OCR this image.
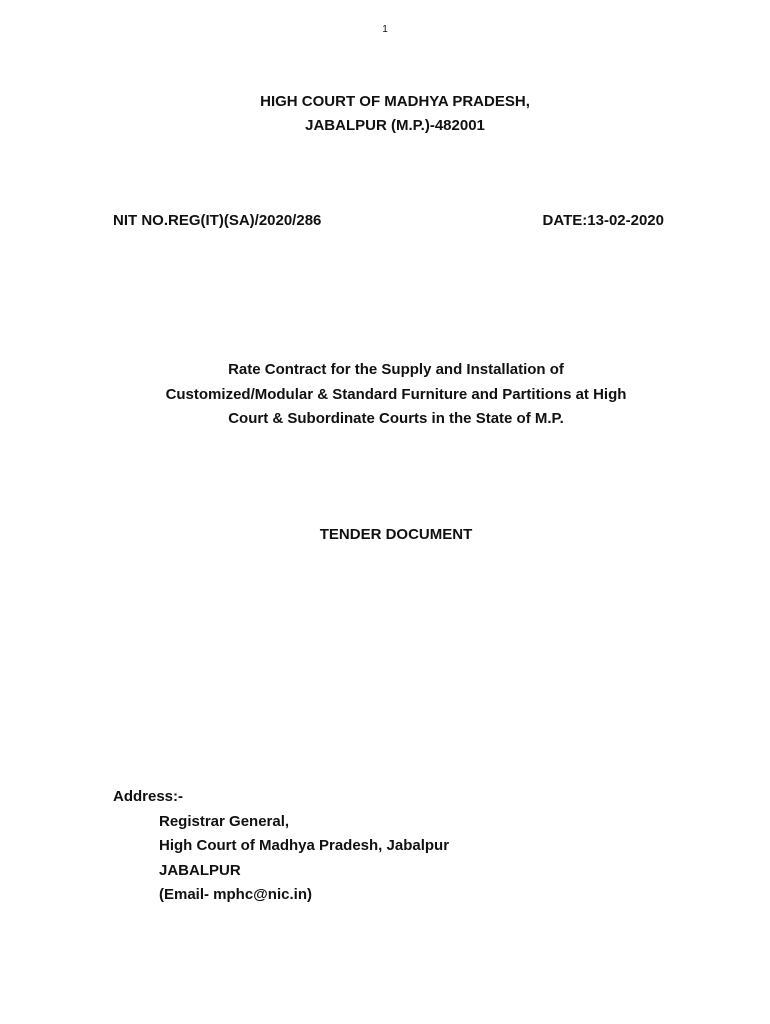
1
HIGH COURT OF MADHYA PRADESH,
JABALPUR (M.P.)-482001
NIT NO.REG(IT)(SA)/2020/286	DATE:13-02-2020
Rate Contract for the Supply and Installation of
Customized/Modular & Standard Furniture and Partitions at High
Court & Subordinate Courts in the State of M.P.
TENDER DOCUMENT
Address:-
Registrar General,
High Court of Madhya Pradesh, Jabalpur
JABALPUR
(Email- mphc@nic.in)
